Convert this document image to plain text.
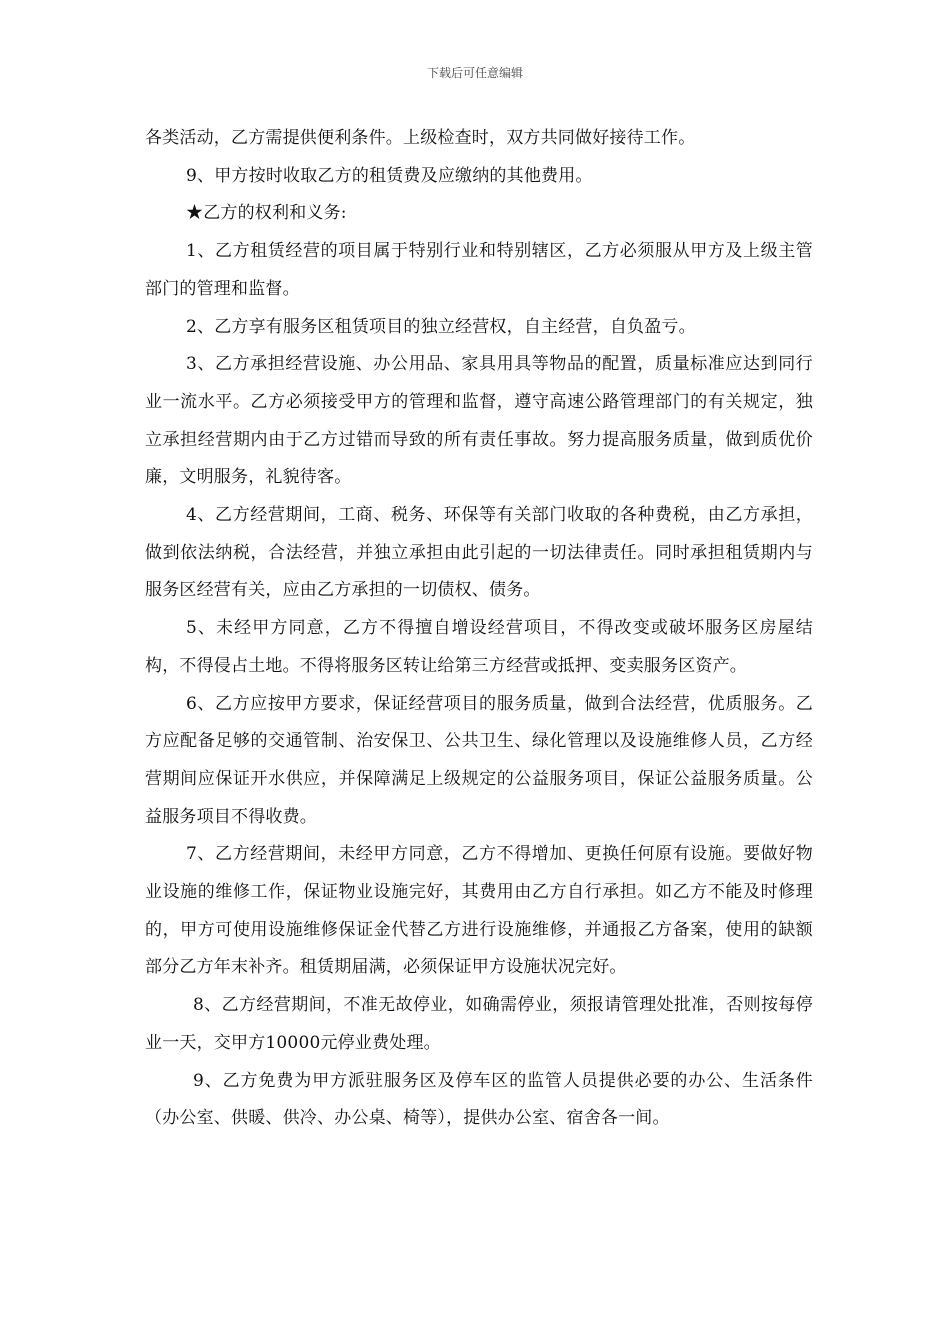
下载后可任意编辑

各类活动，乙方需提供便利条件。上级检查时，双方共同做好接待工作。

9、甲方按时收取乙方的租赁费及应缴纳的其他费用。

★乙方的权利和义务:

1、乙方租赁经营的项目属于特别行业和特别辖区，乙方必须服从甲方及上级主管部门的管理和监督。

2、乙方享有服务区租赁项目的独立经营权，自主经营，自负盈亏。

3、乙方承担经营设施、办公用品、家具用具等物品的配置，质量标准应达到同行业一流水平。乙方必须接受甲方的管理和监督，遵守高速公路管理部门的有关规定，独立承担经营期内由于乙方过错而导致的所有责任事故。努力提高服务质量，做到质优价廉，文明服务，礼貌待客。

4、乙方经营期间，工商、税务、环保等有关部门收取的各种费税，由乙方承担，做到依法纳税，合法经营，并独立承担由此引起的一切法律责任。同时承担租赁期内与服务区经营有关，应由乙方承担的一切债权、债务。

5、未经甲方同意，乙方不得擅自增设经营项目，不得改变或破坏服务区房屋结构，不得侵占土地。不得将服务区转让给第三方经营或抵押、变卖服务区资产。

6、乙方应按甲方要求，保证经营项目的服务质量，做到合法经营，优质服务。乙方应配备足够的交通管制、治安保卫、公共卫生、绿化管理以及设施维修人员，乙方经营期间应保证开水供应，并保障满足上级规定的公益服务项目，保证公益服务质量。公益服务项目不得收费。

7、乙方经营期间，未经甲方同意，乙方不得增加、更换任何原有设施。要做好物业设施的维修工作，保证物业设施完好，其费用由乙方自行承担。如乙方不能及时修理的，甲方可使用设施维修保证金代替乙方进行设施维修，并通报乙方备案，使用的缺额部分乙方年末补齐。租赁期届满，必须保证甲方设施状况完好。

8、乙方经营期间，不准无故停业，如确需停业，须报请管理处批准，否则按每停业一天，交甲方10000元停业费处理。

9、乙方免费为甲方派驻服务区及停车区的监管人员提供必要的办公、生活条件（办公室、供暖、供冷、办公桌、椅等），提供办公室、宿舍各一间。
